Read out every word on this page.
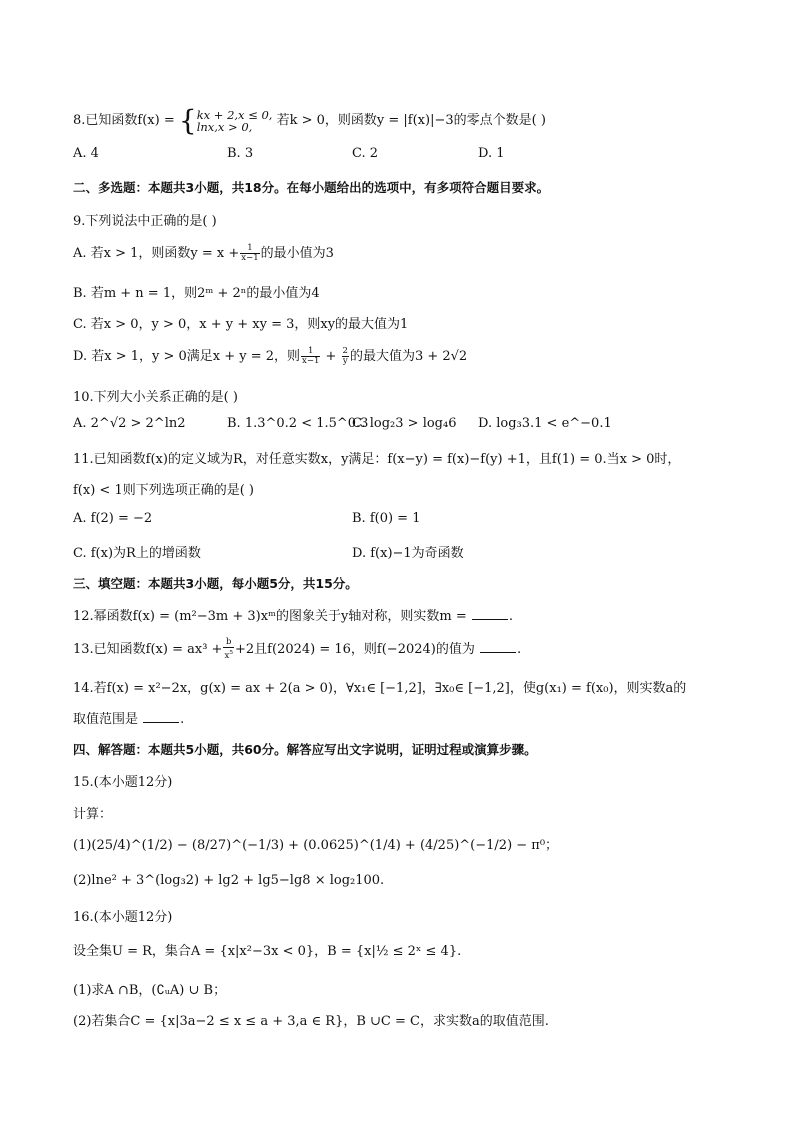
8.已知函数f(x) = {kx + 2,x ≤ 0,
lnx,x > 0, 若k > 0，则函数y = |f(x)|−3的零点个数是( )
A. 4	B. 3	C. 2	D. 1
二、多选题：本题共3小题，共18分。在每小题给出的选项中，有多项符合题目要求。
9.下列说法中正确的是( )
A. 若x > 1，则函数$y = x + \frac{1}{x-1}$ 的最小值为3
B. 若m + n = 1，则2ᵐ + 2ⁿ的最小值为4
C. 若x > 0，y > 0，x + y + xy = 3，则xy的最大值为1
D. 若x > 1，y > 0满足x + y = 2，则 $\frac{1}{x-1} + \frac{2}{y}$ 的最大值为3 + 2√2
10.下列大小关系正确的是( )
A. 2^√2 > 2^ln2	B. 1.3^0.2 < 1.5^0.3
C. log₂3 > log₄6 D. log₃3.1 < e^−0.1
11.已知函数f(x)的定义域为R，对任意实数x，y满足：f(x−y) = f(x)−f(y) +1，且f(1) = 0.当x > 0时，
f(x) < 1则下列选项正确的是( )
A. f(2) = −2	B. f(0) = 1
C. f(x)为R上的增函数	D. f(x)−1为奇函数
三、填空题：本题共3小题，每小题5分，共15分。
12.幂函数f(x) = (m²−3m + 3)xᵐ的图象关于y轴对称，则实数m =	.
13.已知函数$f(x) = ax^3 + \frac{b}{x^5} +2$且f(2024) = 16，则f(−2024)的值为	.
14.若f(x) = x²−2x，g(x) = ax + 2(a > 0)，∀x₁∈ [−1,2]，∃x₀∈ [−1,2]，使g(x₁) = f(x₀)，则实数a的
取值范围是	.
四、解答题：本题共5小题，共60分。解答应写出文字说明，证明过程或演算步骤。
15.(本小题12分)
计算：
(1)(25/4)^(1/2) − (8/27)^(−1/3) + (0.0625)^(1/4) + (4/25)^(−1/2) − π⁰；
(2)lne² + 3^(log₃2) + lg2 + lg5−lg8 × log₂100.
16.(本小题12分)
设全集U = R，集合A = {x|x²−3x < 0}，B = {x|½ ≤ 2ˣ ≤ 4}.
(1)求A ∩B，(∁ᵤA) ∪ B；
(2)若集合C = {x|3a−2 ≤ x ≤ a + 3,a ∈ R}，B ∪C = C，求实数a的取值范围.
